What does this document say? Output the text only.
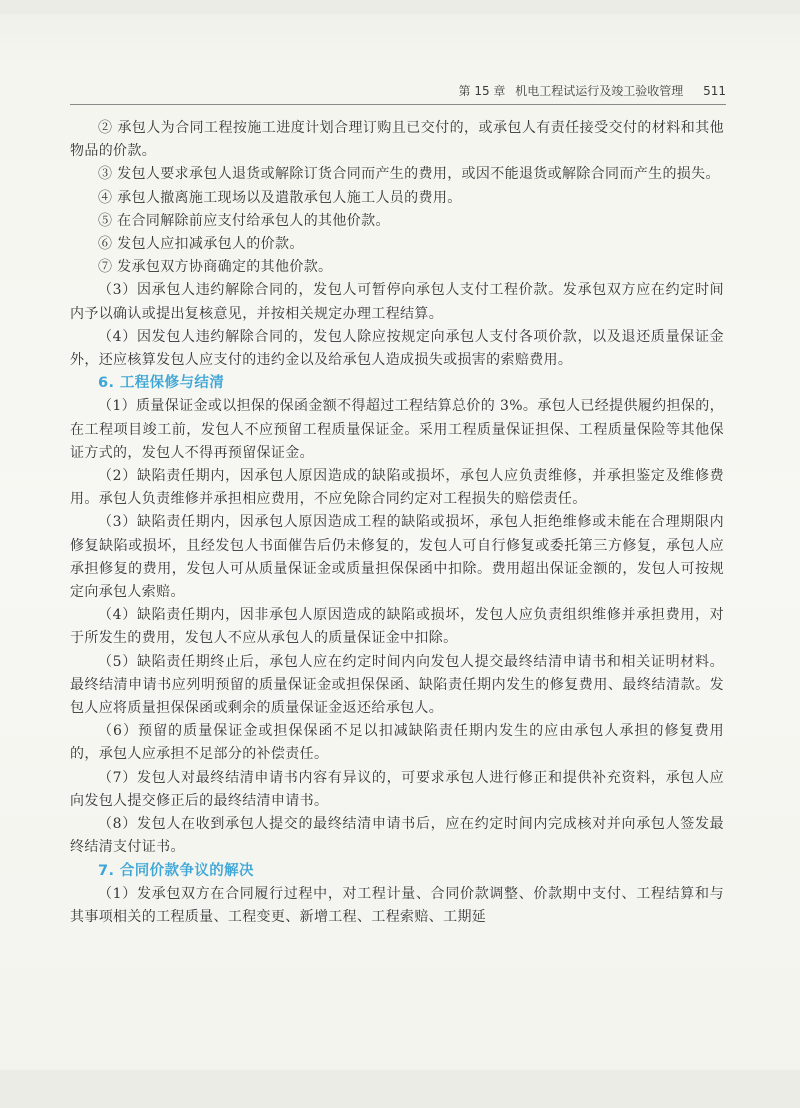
第 15 章 机电工程试运行及竣工验收管理 511

② 承包人为合同工程按施工进度计划合理订购且已交付的，或承包人有责任接受交付的材料和其他物品的价款。

③ 发包人要求承包人退货或解除订货合同而产生的费用，或因不能退货或解除合同而产生的损失。

④ 承包人撤离施工现场以及遣散承包人施工人员的费用。

⑤ 在合同解除前应支付给承包人的其他价款。

⑥ 发包人应扣减承包人的价款。

⑦ 发承包双方协商确定的其他价款。

（3）因承包人违约解除合同的，发包人可暂停向承包人支付工程价款。发承包双方应在约定时间内予以确认或提出复核意见，并按相关规定办理工程结算。

（4）因发包人违约解除合同的，发包人除应按规定向承包人支付各项价款，以及退还质量保证金外，还应核算发包人应支付的违约金以及给承包人造成损失或损害的索赔费用。

6. 工程保修与结清

（1）质量保证金或以担保的保函金额不得超过工程结算总价的 3%。承包人已经提供履约担保的，在工程项目竣工前，发包人不应预留工程质量保证金。采用工程质量保证担保、工程质量保险等其他保证方式的，发包人不得再预留保证金。

（2）缺陷责任期内，因承包人原因造成的缺陷或损坏，承包人应负责维修，并承担鉴定及维修费用。承包人负责维修并承担相应费用，不应免除合同约定对工程损失的赔偿责任。

（3）缺陷责任期内，因承包人原因造成工程的缺陷或损坏，承包人拒绝维修或未能在合理期限内修复缺陷或损坏，且经发包人书面催告后仍未修复的，发包人可自行修复或委托第三方修复，承包人应承担修复的费用，发包人可从质量保证金或质量担保保函中扣除。费用超出保证金额的，发包人可按规定向承包人索赔。

（4）缺陷责任期内，因非承包人原因造成的缺陷或损坏，发包人应负责组织维修并承担费用，对于所发生的费用，发包人不应从承包人的质量保证金中扣除。

（5）缺陷责任期终止后，承包人应在约定时间内向发包人提交最终结清申请书和相关证明材料。最终结清申请书应列明预留的质量保证金或担保保函、缺陷责任期内发生的修复费用、最终结清款。发包人应将质量担保保函或剩余的质量保证金返还给承包人。

（6）预留的质量保证金或担保保函不足以扣减缺陷责任期内发生的应由承包人承担的修复费用的，承包人应承担不足部分的补偿责任。

（7）发包人对最终结清申请书内容有异议的，可要求承包人进行修正和提供补充资料，承包人应向发包人提交修正后的最终结清申请书。

（8）发包人在收到承包人提交的最终结清申请书后，应在约定时间内完成核对并向承包人签发最终结清支付证书。

7. 合同价款争议的解决

（1）发承包双方在合同履行过程中，对工程计量、合同价款调整、价款期中支付、工程结算和与其事项相关的工程质量、工程变更、新增工程、工程索赔、工期延
